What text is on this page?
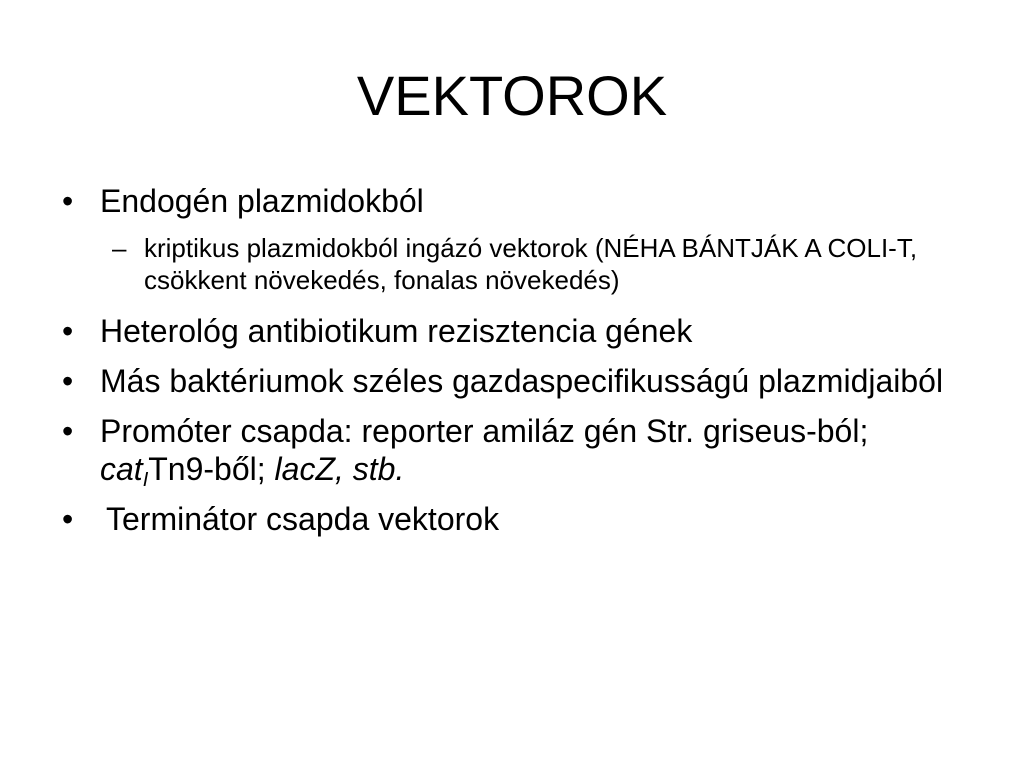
VEKTOROK
• Endogén plazmidokból
– kriptikus plazmidokból ingázó vektorok (NÉHA BÁNTJÁK A COLI-T, csökkent növekedés, fonalas növekedés)
• Heterológ antibiotikum rezisztencia gének
• Más baktériumok széles gazdaspecifikusságú plazmidjaiból
• Promóter csapda: reporter amiláz gén Str. griseus-ból; cat$_I$Tn9-ből; lacZ, stb.
•	Terminátor csapda vektorok
